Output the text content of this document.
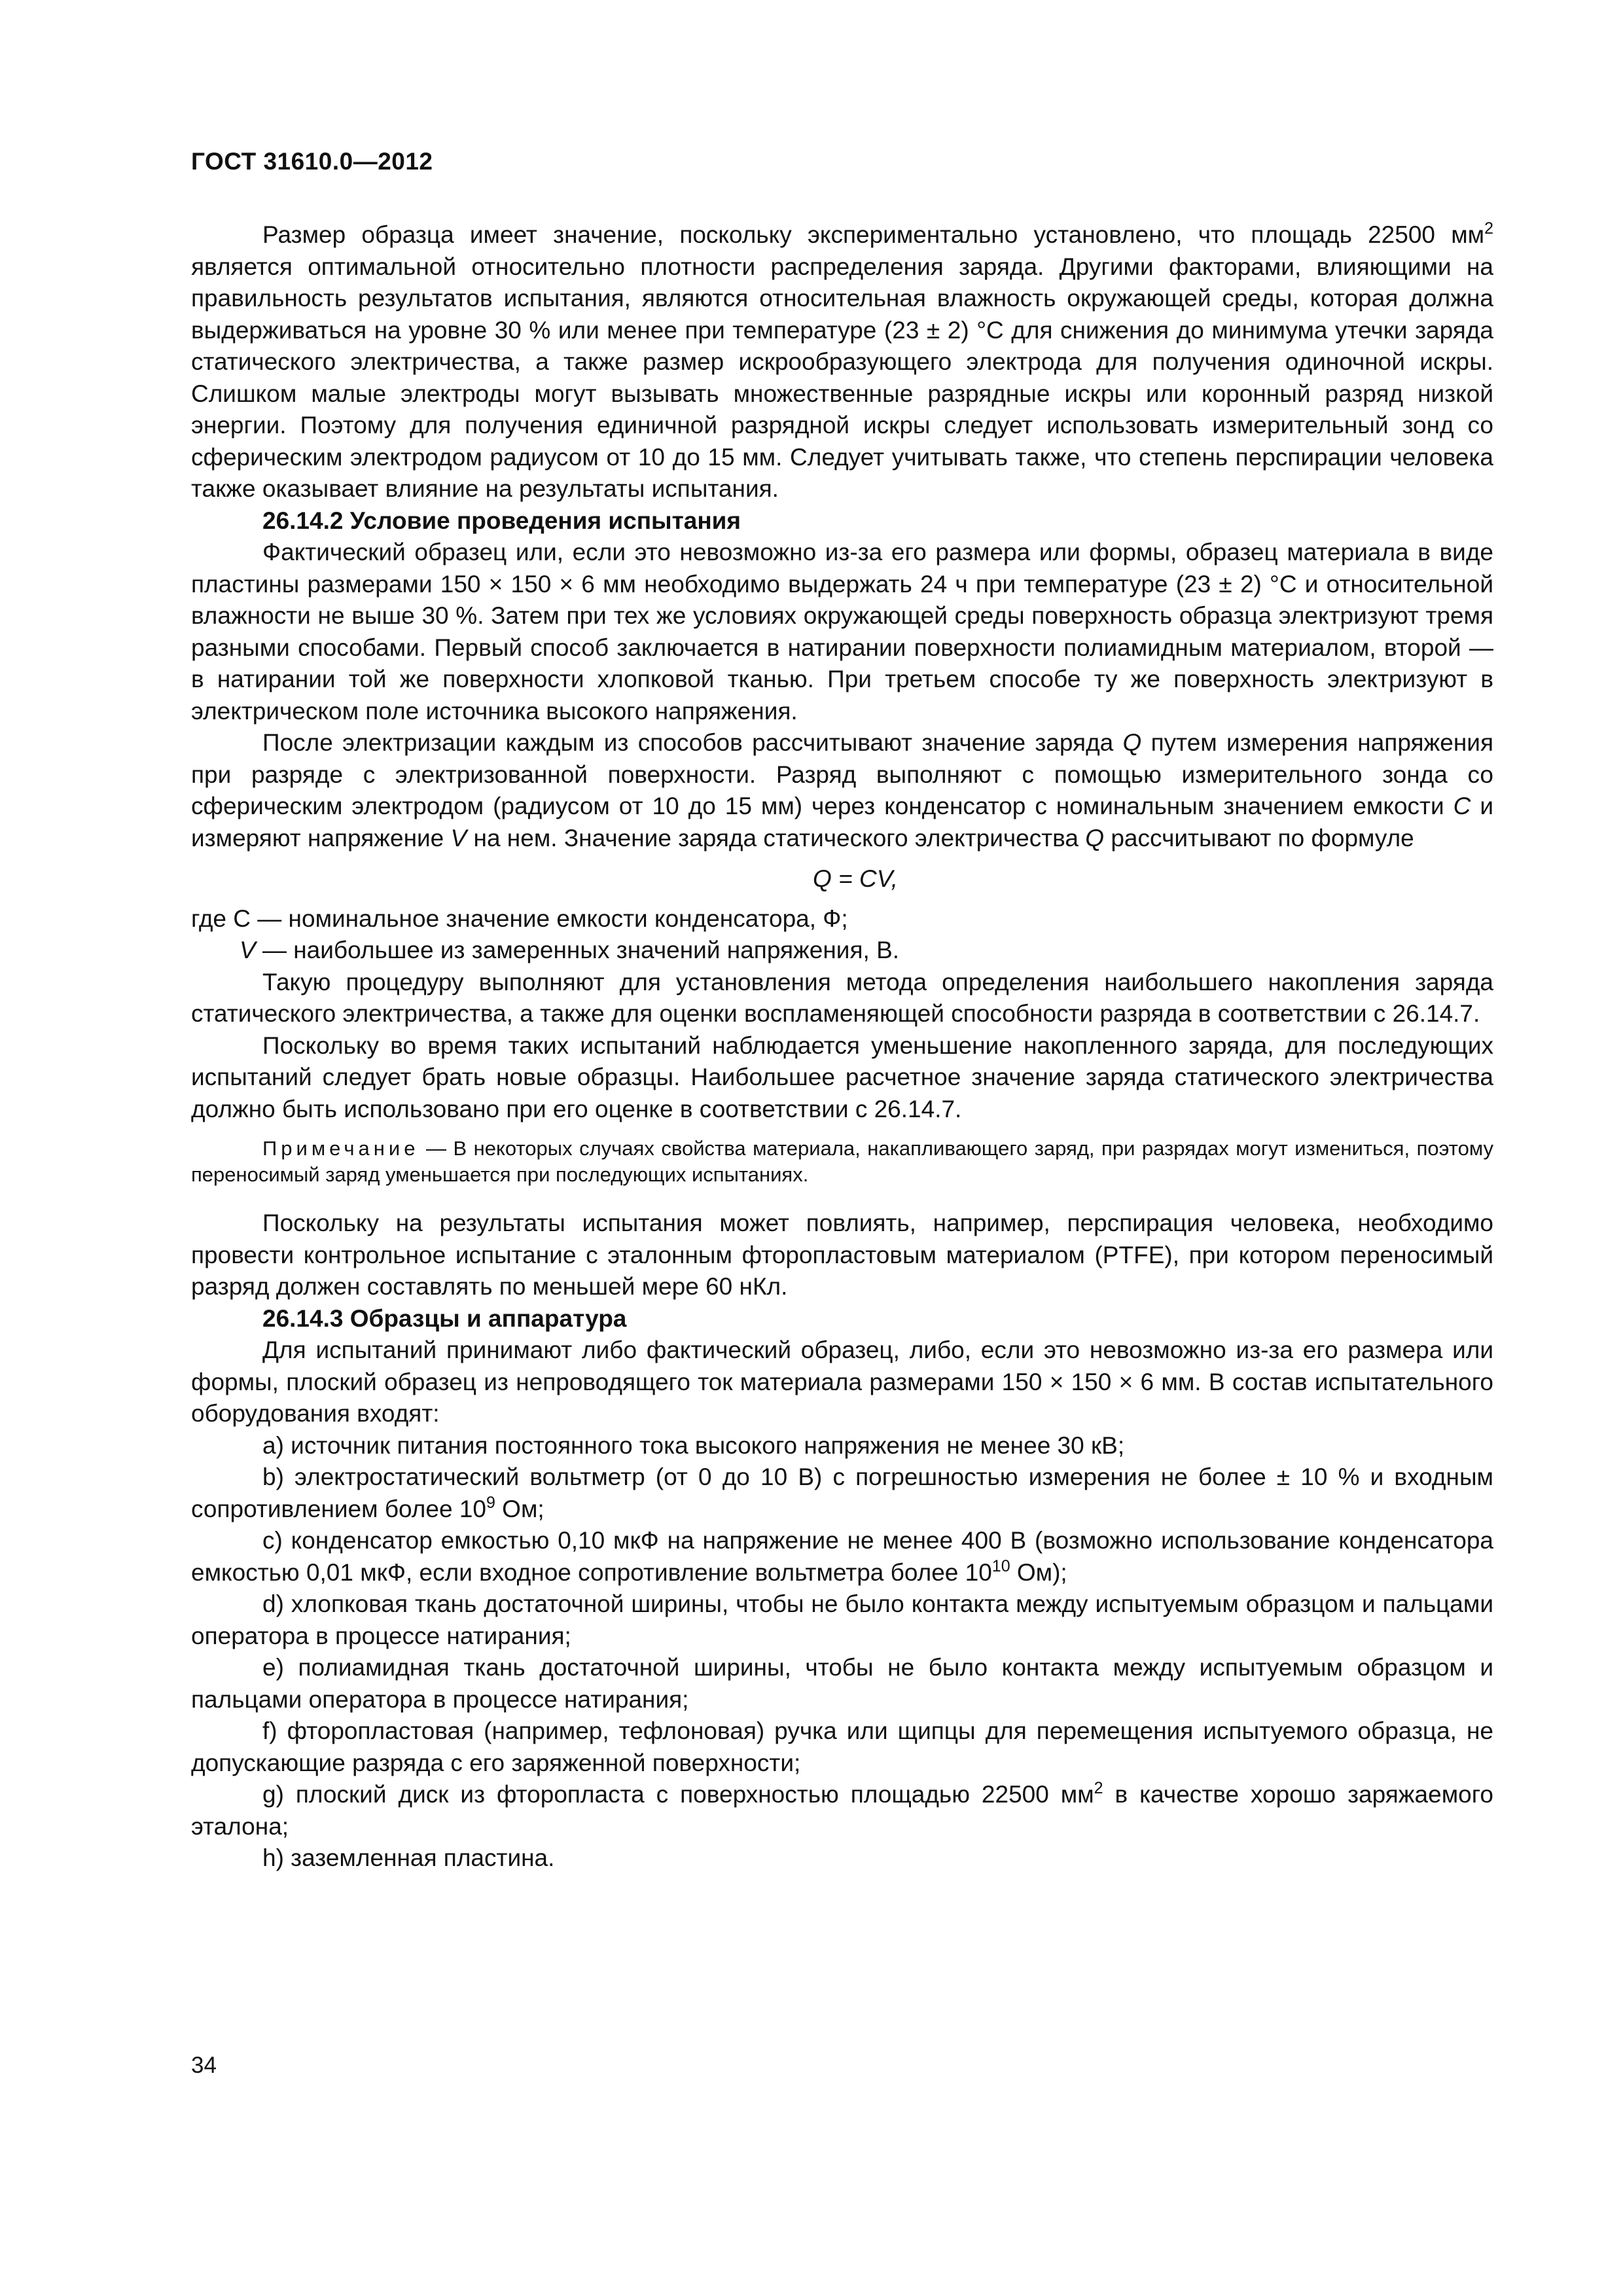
ГОСТ 31610.0—2012

Размер образца имеет значение, поскольку экспериментально установлено, что площадь 22500 $мм^2$ является оптимальной относительно плотности распределения заряда. Другими факторами, влияющими на правильность результатов испытания, являются относительная влажность окружающей среды, которая должна выдерживаться на уровне 30 % или менее при температуре (23 ± 2) °С для снижения до минимума утечки заряда статического электричества, а также размер искрообразующего электрода для получения одиночной искры. Слишком малые электроды могут вызывать множественные разрядные искры или коронный разряд низкой энергии. Поэтому для получения единичной разрядной искры следует использовать измерительный зонд со сферическим электродом радиусом от 10 до 15 мм. Следует учитывать также, что степень перспирации человека также оказывает влияние на результаты испытания.

26.14.2 Условие проведения испытания

Фактический образец или, если это невозможно из-за его размера или формы, образец материала в виде пластины размерами 150 × 150 × 6 мм необходимо выдержать 24 ч при температуре (23 ± 2) °С и относительной влажности не выше 30 %. Затем при тех же условиях окружающей среды поверхность образца электризуют тремя разными способами. Первый способ заключается в натирании поверхности полиамидным материалом, второй — в натирании той же поверхности хлопковой тканью. При третьем способе ту же поверхность электризуют в электрическом поле источника высокого напряжения.

После электризации каждым из способов рассчитывают значение заряда Q путем измерения напряжения при разряде с электризованной поверхности. Разряд выполняют с помощью измерительного зонда со сферическим электродом (радиусом от 10 до 15 мм) через конденсатор с номинальным значением емкости C и измеряют напряжение V на нем. Значение заряда статического электричества Q рассчитывают по формуле

Q = CV,

где С — номинальное значение емкости конденсатора, Ф;

V — наибольшее из замеренных значений напряжения, В.

Такую процедуру выполняют для установления метода определения наибольшего накопления заряда статического электричества, а также для оценки воспламеняющей способности разряда в соответствии с 26.14.7.

Поскольку во время таких испытаний наблюдается уменьшение накопленного заряда, для последующих испытаний следует брать новые образцы. Наибольшее расчетное значение заряда статического электричества должно быть использовано при его оценке в соответствии с 26.14.7.

Примечание — В некоторых случаях свойства материала, накапливающего заряд, при разрядах могут измениться, поэтому переносимый заряд уменьшается при последующих испытаниях.

Поскольку на результаты испытания может повлиять, например, перспирация человека, необходимо провести контрольное испытание с эталонным фторопластовым материалом (PTFE), при котором переносимый разряд должен составлять по меньшей мере 60 нКл.

26.14.3 Образцы и аппаратура

Для испытаний принимают либо фактический образец, либо, если это невозможно из-за его размера или формы, плоский образец из непроводящего ток материала размерами 150 × 150 × 6 мм. В состав испытательного оборудования входят:

а) источник питания постоянного тока высокого напряжения не менее 30 кВ;

b) электростатический вольтметр (от 0 до 10 В) с погрешностью измерения не более ± 10 % и входным сопротивлением более $10^9$ Ом;

с) конденсатор емкостью 0,10 мкФ на напряжение не менее 400 В (возможно использование конденсатора емкостью 0,01 мкФ, если входное сопротивление вольтметра более $10^{10}$ Ом);

d) хлопковая ткань достаточной ширины, чтобы не было контакта между испытуемым образцом и пальцами оператора в процессе натирания;

е) полиамидная ткань достаточной ширины, чтобы не было контакта между испытуемым образцом и пальцами оператора в процессе натирания;

f) фторопластовая (например, тефлоновая) ручка или щипцы для перемещения испытуемого образца, не допускающие разряда с его заряженной поверхности;

g) плоский диск из фторопласта с поверхностью площадью 22500 $мм^2$ в качестве хорошо заряжаемого эталона;

h) заземленная пластина.

34
